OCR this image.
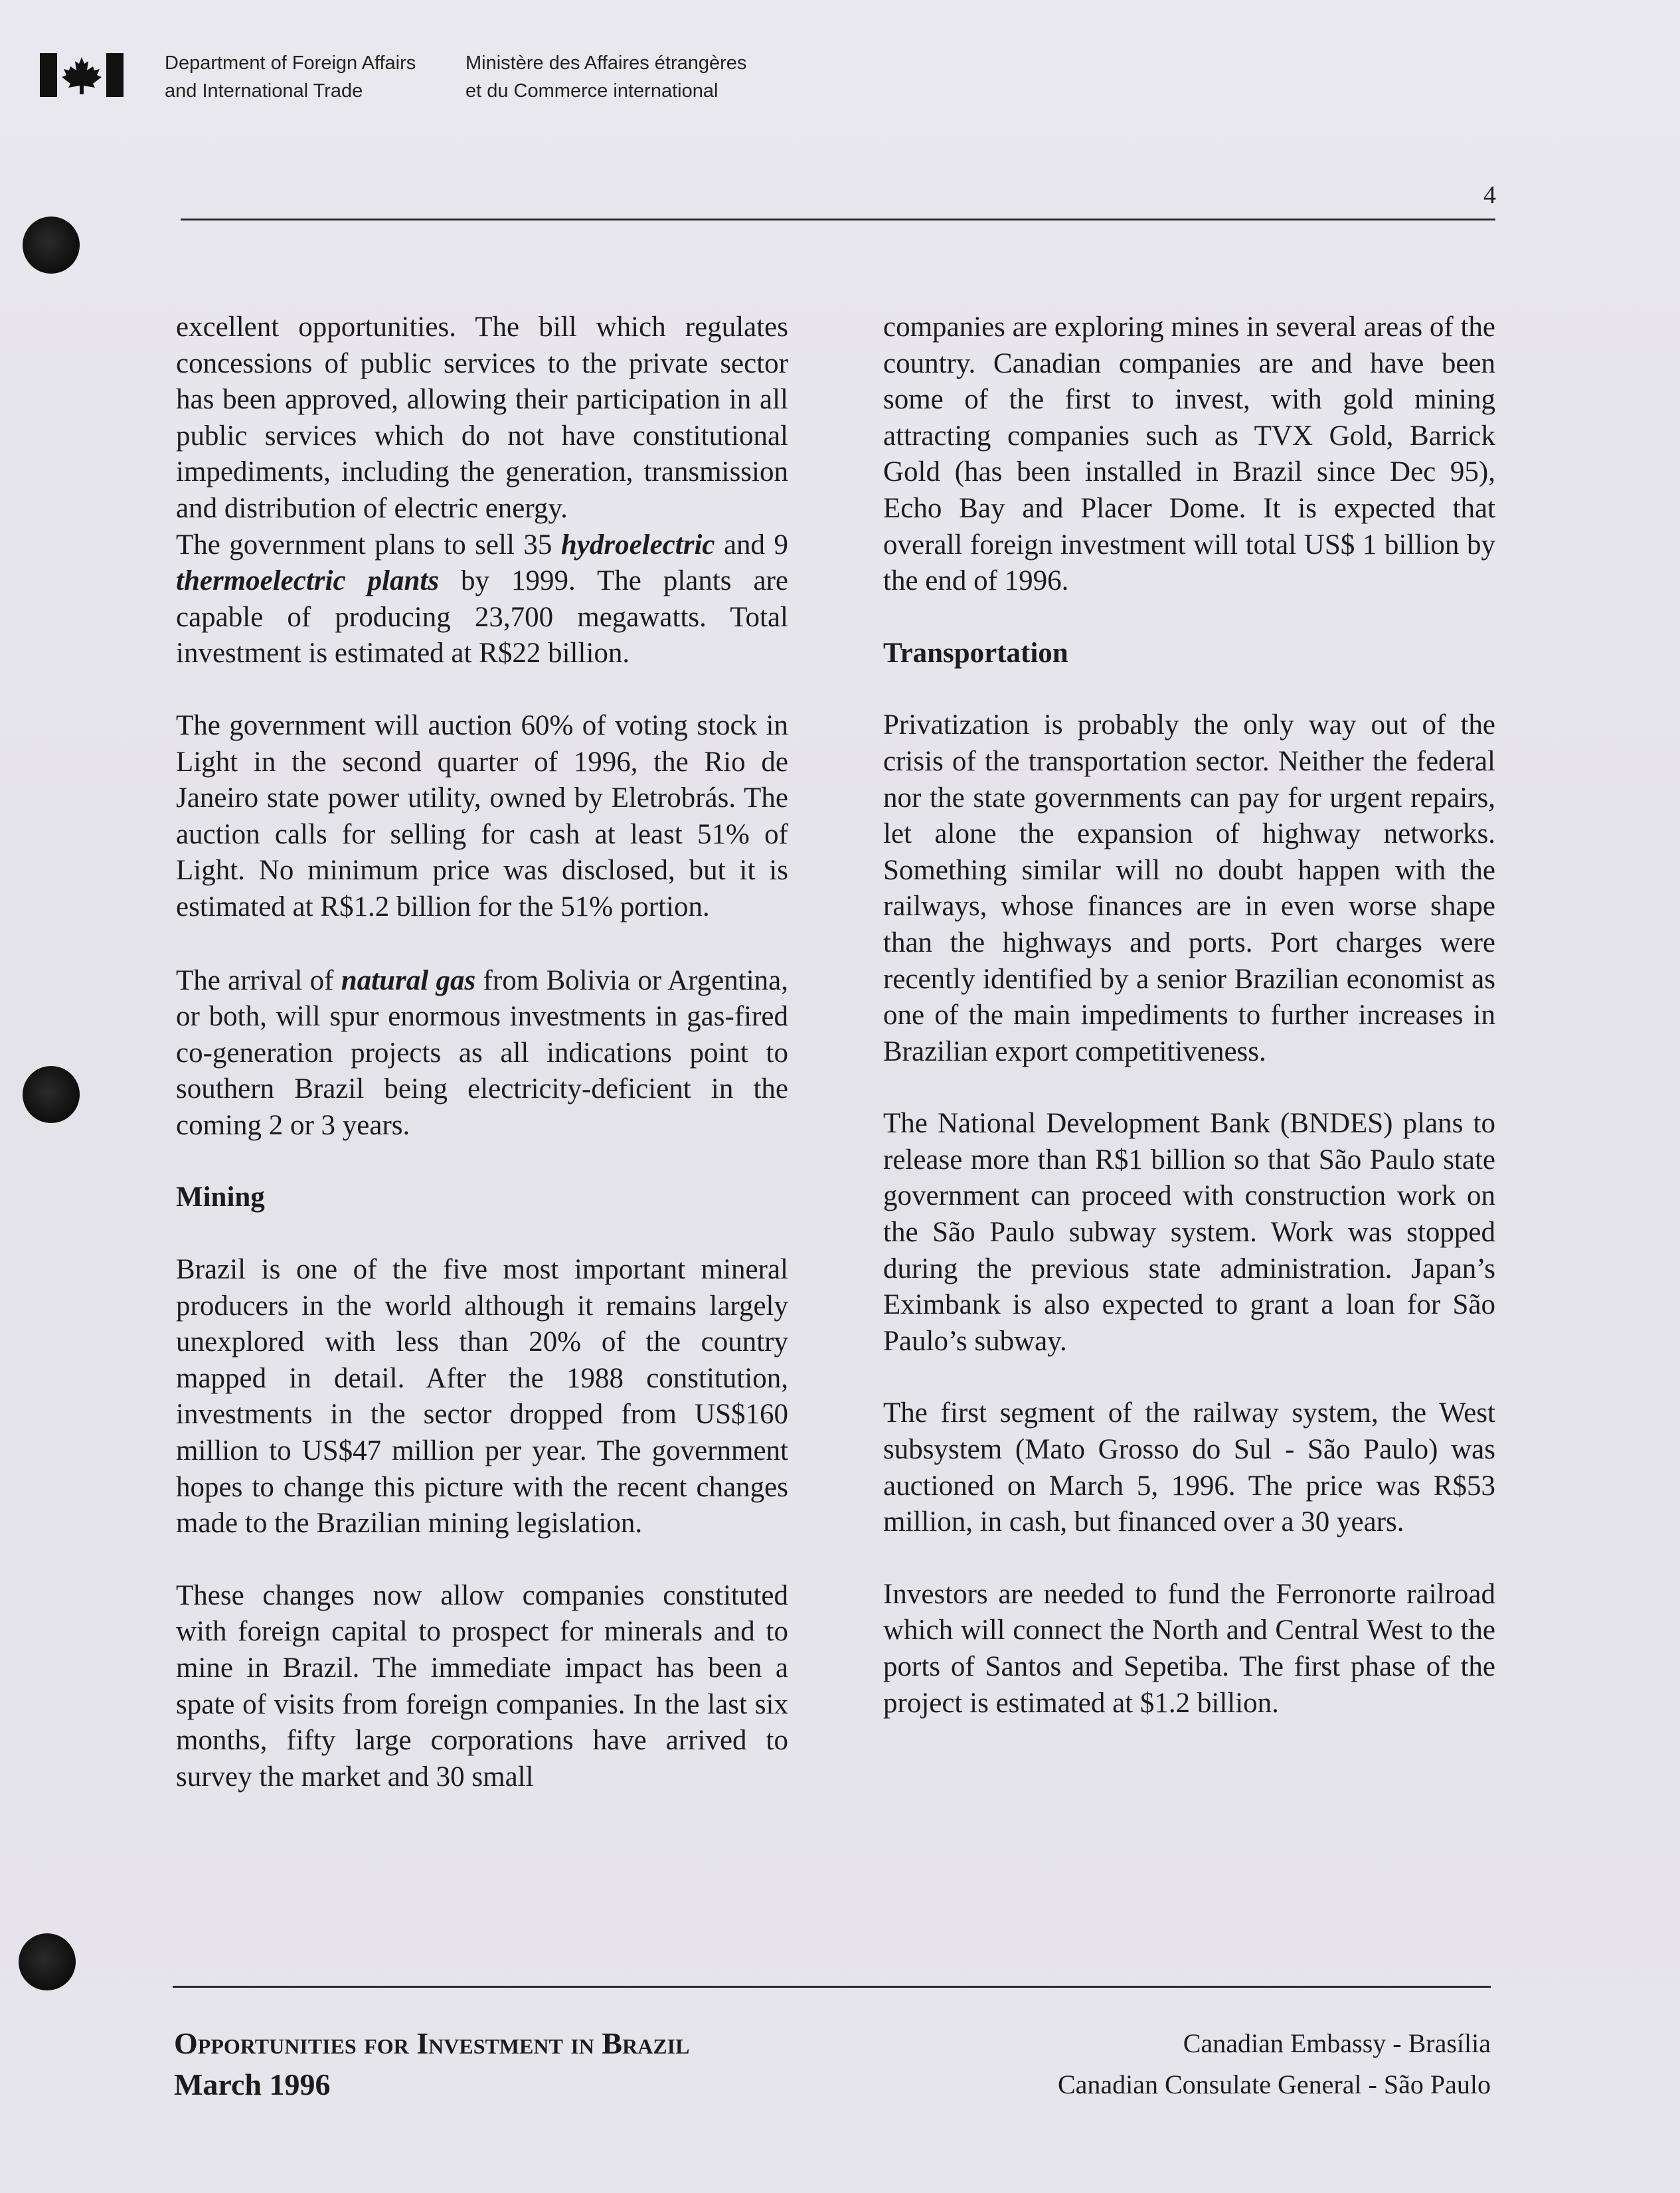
Department of Foreign Affairs
and International Trade
Ministère des Affaires étrangères
et du Commerce international
4

excellent opportunities. The bill which regulates concessions of public services to the private sector has been approved, allowing their participation in all public services which do not have constitutional impediments, including the generation, transmission and distribution of electric energy.

The government plans to sell 35 hydroelectric and 9 thermoelectric plants by 1999. The plants are capable of producing 23,700 megawatts. Total investment is estimated at R$22 billion.

The government will auction 60% of voting stock in Light in the second quarter of 1996, the Rio de Janeiro state power utility, owned by Eletrobrás. The auction calls for selling for cash at least 51% of Light. No minimum price was disclosed, but it is estimated at R$1.2 billion for the 51% portion.

The arrival of natural gas from Bolivia or Argentina, or both, will spur enormous investments in gas-fired co-generation projects as all indications point to southern Brazil being electricity-deficient in the coming 2 or 3 years.

Mining

Brazil is one of the five most important mineral producers in the world although it remains largely unexplored with less than 20% of the country mapped in detail. After the 1988 constitution, investments in the sector dropped from US$160 million to US$47 million per year. The government hopes to change this picture with the recent changes made to the Brazilian mining legislation.

These changes now allow companies constituted with foreign capital to prospect for minerals and to mine in Brazil. The immediate impact has been a spate of visits from foreign companies. In the last six months, fifty large corporations have arrived to survey the market and 30 small

companies are exploring mines in several areas of the country. Canadian companies are and have been some of the first to invest, with gold mining attracting companies such as TVX Gold, Barrick Gold (has been installed in Brazil since Dec 95), Echo Bay and Placer Dome. It is expected that overall foreign investment will total US$ 1 billion by the end of 1996.

Transportation

Privatization is probably the only way out of the crisis of the transportation sector. Neither the federal nor the state governments can pay for urgent repairs, let alone the expansion of highway networks. Something similar will no doubt happen with the railways, whose finances are in even worse shape than the highways and ports. Port charges were recently identified by a senior Brazilian economist as one of the main impediments to further increases in Brazilian export competitiveness.

The National Development Bank (BNDES) plans to release more than R$1 billion so that São Paulo state government can proceed with construction work on the São Paulo subway system. Work was stopped during the previous state administration. Japan’s Eximbank is also expected to grant a loan for São Paulo’s subway.

The first segment of the railway system, the West subsystem (Mato Grosso do Sul - São Paulo) was auctioned on March 5, 1996. The price was R$53 million, in cash, but financed over a 30 years.

Investors are needed to fund the Ferronorte railroad which will connect the North and Central West to the ports of Santos and Sepetiba. The first phase of the project is estimated at $1.2 billion.

Opportunities for Investment in Brazil
March 1996
Canadian Embassy - Brasília
Canadian Consulate General - São Paulo
